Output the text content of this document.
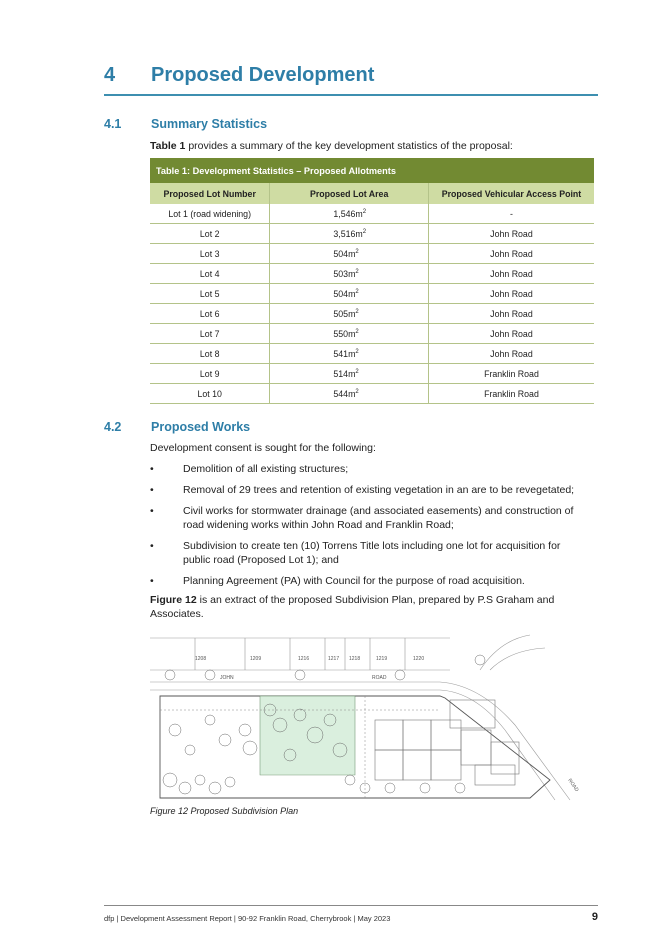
4 Proposed Development
4.1 Summary Statistics
Table 1 provides a summary of the key development statistics of the proposal:
Table 1: Development Statistics – Proposed Allotments		
Proposed Lot Number	Proposed Lot Area	Proposed Vehicular Access Point
Lot 1 (road widening)	$1,546m^2$	-
Lot 2	$3,516m^2$	John Road
Lot 3	$504m^2$	John Road
Lot 4	$503m^2$	John Road
Lot 5	$504m^2$	John Road
Lot 6	$505m^2$	John Road
Lot 7	$550m^2$	John Road
Lot 8	$541m^2$	John Road
Lot 9	$514m^2$	Franklin Road
Lot 10	$544m^2$	Franklin Road
4.2 Proposed Works
Development consent is sought for the following:
•	Demolition of all existing structures;
•	Removal of 29 trees and retention of existing vegetation in an are to be revegetated;
•	Civil works for stormwater drainage (and associated easements) and construction of road widening works within John Road and Franklin Road;
•	Subdivision to create ten (10) Torrens Title lots including one lot for acquisition for public road (Proposed Lot 1); and
•	Planning Agreement (PA) with Council for the purpose of road acquisition.
Figure 12 is an extract of the proposed Subdivision Plan, prepared by P.S Graham and Associates.
1208	1209	1216	1217 1218	1219	1220
JOHN	ROAD
ROAD
Figure 12 Proposed Subdivision Plan
dfp | Development Assessment Report | 90-92 Franklin Road, Cherrybrook | May 2023	9
